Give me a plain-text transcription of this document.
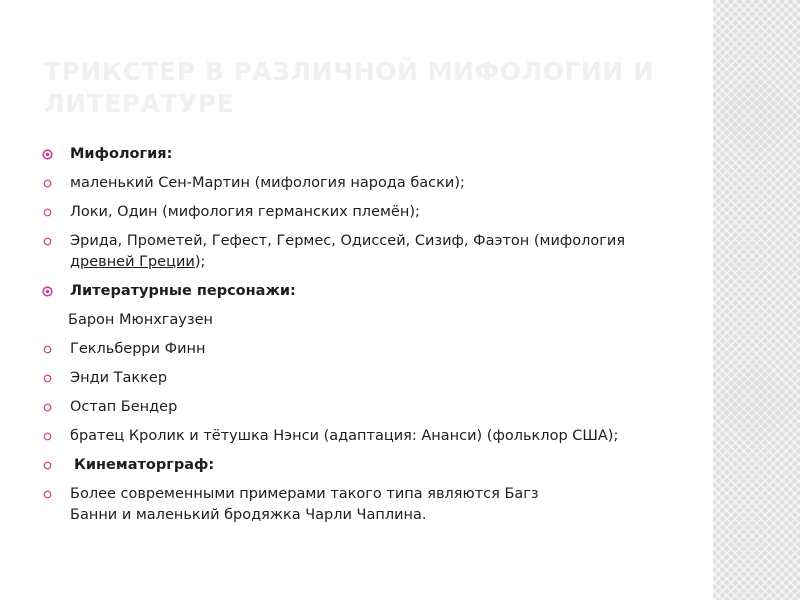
ТРИКСТЕР В РАЗЛИЧНОЙ МИФОЛОГИИ И ЛИТЕРАТУРЕ
Мифология:
маленький Сен-Мартин (мифология народа баски);
Локи, Один (мифология германских племён);
Эрида, Прометей, Гефест, Гермес, Одиссей, Сизиф, Фаэтон (мифология древней Греции);
Литературные персонажи:
Барон Мюнхгаузен
Гекльберри Финн
Энди Таккер
Остап Бендер
братец Кролик и тётушка Нэнси (адаптация: Ананси) (фольклор США);
Кинематорграф:
Более современными примерами такого типа являются Багз
Банни и маленький бродяжка Чарли Чаплина.
